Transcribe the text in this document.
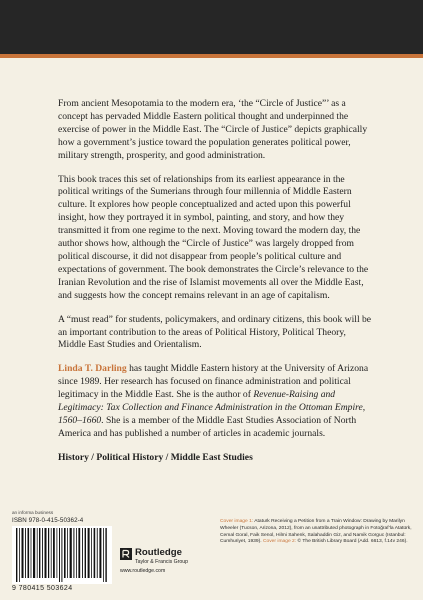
From ancient Mesopotamia to the modern era, ‘the “Circle of Justice”’ as a concept has pervaded Middle Eastern political thought and underpinned the exercise of power in the Middle East. The “Circle of Justice” depicts graphically how a government’s justice toward the population generates political power, military strength, prosperity, and good administration.

This book traces this set of relationships from its earliest appearance in the political writings of the Sumerians through four millennia of Middle Eastern culture. It explores how people conceptualized and acted upon this powerful insight, how they portrayed it in symbol, painting, and story, and how they transmitted it from one regime to the next. Moving toward the modern day, the author shows how, although the “Circle of Justice” was largely dropped from political discourse, it did not disappear from people’s political culture and expectations of government. The book demonstrates the Circle’s relevance to the Iranian Revolution and the rise of Islamist movements all over the Middle East, and suggests how the concept remains relevant in an age of capitalism.

A “must read” for students, policymakers, and ordinary citizens, this book will be an important contribution to the areas of Political History, Political Theory, Middle East Studies and Orientalism.

Linda T. Darling has taught Middle Eastern history at the University of Arizona since 1989. Her research has focused on finance administration and political legitimacy in the Middle East. She is the author of Revenue-Raising and Legitimacy: Tax Collection and Finance Administration in the Ottoman Empire, 1560–1660. She is a member of the Middle East Studies Association of North America and has published a number of articles in academic journals.

History / Political History / Middle East Studies
an informa business
ISBN 978-0-415-50362-4
9 780415 503624
Routledge
Taylor & Francis Group
www.routledge.com
Cover image 1: Ataturk Receiving a Petition from a Train Window: Drawing by Marilyn Wheeler (Tucson, Arizona, 2012), from an unattributed photograph in Fotoğraf’la Atatürk, Cemal Goral, Faik Senol, Hilmi Sahenk, Salahaddin Giz, and Namik Gorguc (Istanbul: Cumhuriyet, 1939). Cover image 2: © The British Library Board (Add. 6613, f.14v 246).
